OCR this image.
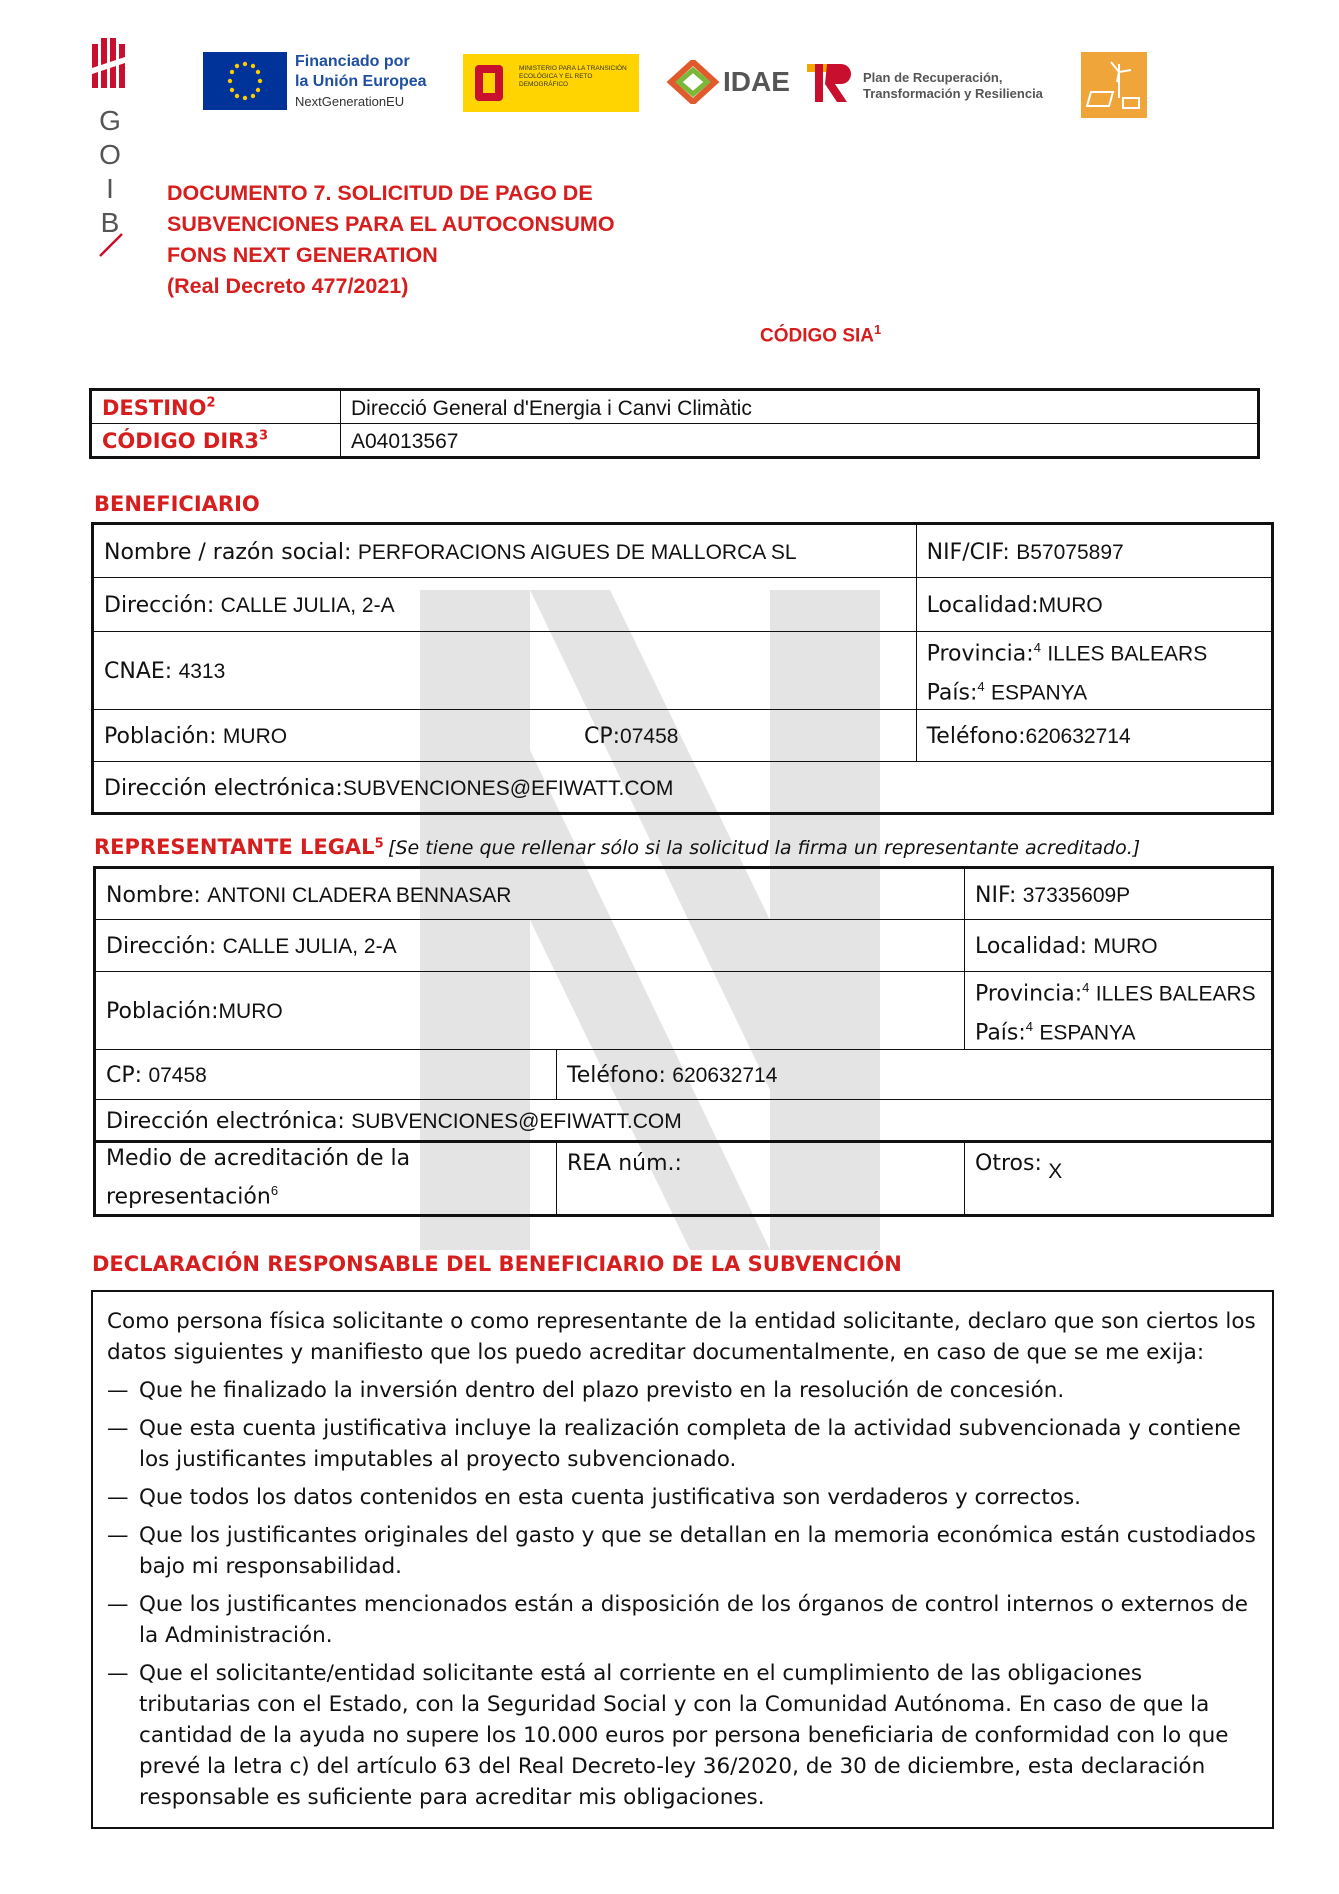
G
O
I
B
Financiado por
la Unión Europea
NextGenerationEU
MINISTERIO PARA LA TRANSICIÓN ECOLÓGICA Y EL RETO DEMOGRÁFICO	IDAE	Plan de Recuperación,
Transformación y Resiliencia
DOCUMENTO 7. SOLICITUD DE PAGO DE
SUBVENCIONES PARA EL AUTOCONSUMO
FONS NEXT GENERATION
(Real Decreto 477/2021)
CÓDIGO SIA$^1$
DESTINO$^2$	Direcció General d'Energia i Canvi Climàtic
CÓDIGO $DIR3^3$	A04013567
BENEFICIARIO
Nombre / razón social: PERFORACIONS AIGUES DE MALLORCA SL		NIF/CIF: B57075897
Dirección: CALLE JULIA, 2-A		Localidad:MURO
CNAE: 4313		Provincia:$^4$ ILLES BALEARS
País:$^4$ ESPANYA

Población: MURO	CP:07458	Teléfono:620632714
Dirección electrónica:SUBVENCIONES@EFIWATT.COM		
REPRESENTANTE LEGAL$^5$ [Se tiene que rellenar sólo si la solicitud la firma un representante acreditado.]
Nombre: ANTONI CLADERA BENNASAR		NIF: 37335609P
Dirección: CALLE JULIA, 2-A		Localidad: MURO
Población:MURO		Provincia:$^4$ ILLES BALEARS
País:$^4$ ESPANYA

CP: 07458	Teléfono: 620632714	
Dirección electrónica: SUBVENCIONES@EFIWATT.COM		

Medio de acreditación de la
representación$^6$	REA núm.:	Otros: X
DECLARACIÓN RESPONSABLE DEL BENEFICIARIO DE LA SUBVENCIÓN
Como persona física solicitante o como representante de la entidad solicitante, declaro que son ciertos los datos siguientes y manifiesto que los puedo acreditar documentalmente, en caso de que se me exija:
— Que he finalizado la inversión dentro del plazo previsto en la resolución de concesión.
— Que esta cuenta justificativa incluye la realización completa de la actividad subvencionada y contiene los justificantes imputables al proyecto subvencionado.
— Que todos los datos contenidos en esta cuenta justificativa son verdaderos y correctos.
— Que los justificantes originales del gasto y que se detallan en la memoria económica están custodiados bajo mi responsabilidad.
— Que los justificantes mencionados están a disposición de los órganos de control internos o externos de la Administración.
— Que el solicitante/entidad solicitante está al corriente en el cumplimiento de las obligaciones tributarias con el Estado, con la Seguridad Social y con la Comunidad Autónoma. En caso de que la cantidad de la ayuda no supere los 10.000 euros por persona beneficiaria de conformidad con lo que prevé la letra c) del artículo 63 del Real Decreto-ley 36/2020, de 30 de diciembre, esta declaración responsable es suficiente para acreditar mis obligaciones.
